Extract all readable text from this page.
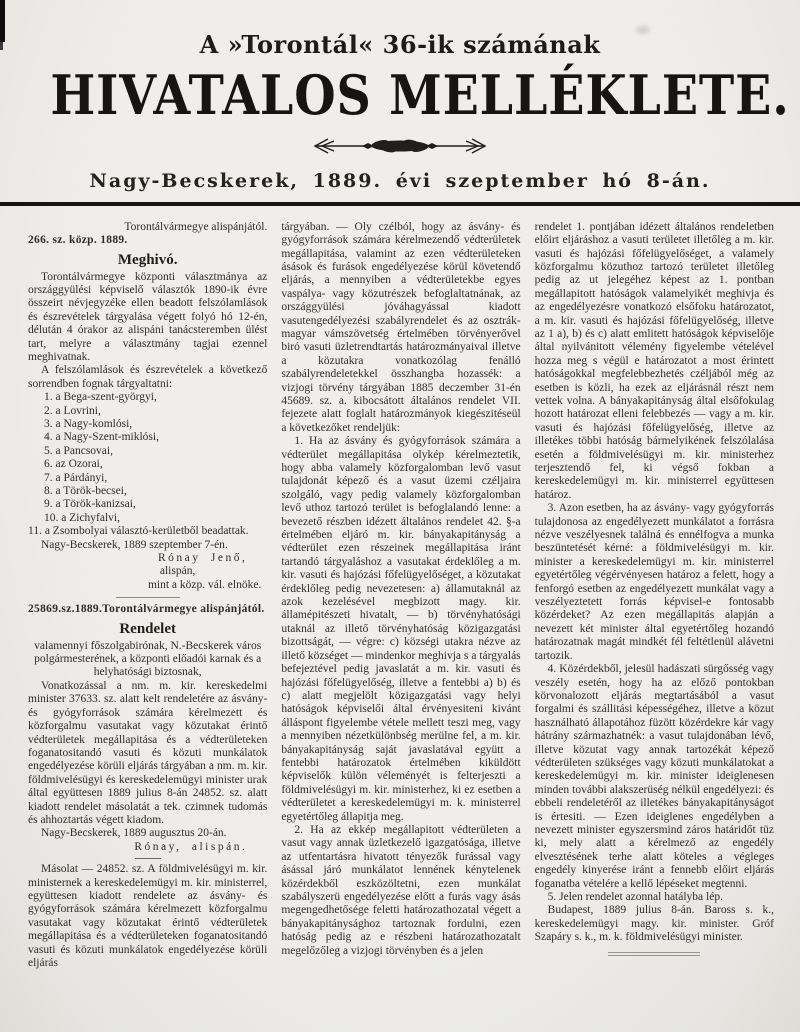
A »Torontál« 36-ik számának
HIVATALOS MELLÉKLETE.
Nagy-Becskerek, 1889. évi szeptember hó 8-án.
Torontálvármegye alispánjától.
266. sz. közp. 1889.
Meghivó.
Torontálvármegye központi választmánya az országgyülési képviselő választók 1890-ik évre összeirt névjegyzéke ellen beadott felszólamlások és észrevételek tárgyalása végett folyó hó 12-én, délután 4 órakor az alispáni tanácsteremben ülést tart, melyre a választmány tagjai ezennel meghivatnak.
A felszólamlások és észrevételek a következő sorrendben fognak tárgyaltatni:
1. a Bega-szent-györgyi,
2. a Lovrini,
3. a Nagy-komlósi,
4. a Nagy-Szent-miklósi,
5. a Pancsovai,
6. az Ozorai,
7. a Párdányi,
8. a Török-becsei,
9. a Török-kanizsai,
10. a Zichyfalvi,
11. a Zsombolyai választó-kerületből beadattak.
Nagy-Becskerek, 1889 szeptember 7-én.
Rónay Jenő,
alispán,
mint a közp. vál. elnöke.
25869.sz.1889.Torontálvármegye alispánjától.
Rendelet
valamennyi főszolgabirónak, N.-Becskerek város polgármesterének, a központi előadói karnak és a helyhatósági biztosnak,
Vonatkozással a nm. m. kir. kereskedelmi minister 37633. sz. alatt kelt rendeletére az ásvány- és gyógyforrások számára kérelmezett és közforgalmu vasutakat vagy közutakat érintő védterületek megállapitása és a védterületeken foganatositandó vasuti és közuti munkálatok engedélyezése körüli eljárás tárgyában a nm. m. kir. földmivelésügyi és kereskedelemügyi minister urak által együttesen 1889 julius 8-án 24852. sz. alatt kiadott rendelet másolatát a tek. czimnek tudomás és ahhoztartás végett kiadom.
Nagy-Becskerek, 1889 augusztus 20-án.
Rónay, alispán.
Másolat — 24852. sz. A földmivelésügyi m. kir. ministernek a kereskedelemügyi m. kir. ministerrel, együttesen kiadott rendelete az ásvány- és gyógyforrások számára kérelmezett közforgalmu vasutakat vagy közutakat érintő védterületek megállapitása és a védterületeken foganatositandó vasuti és közuti munkálatok engedélyezése körüli eljárás
tárgyában. — Oly czélból, hogy az ásvány- és gyógyforrások számára kérelmezendő védterületek megállapitása, valamint az ezen védterületeken ásások és furások engedélyezése körül követendő eljárás, a mennyiben a védterületekbe egyes vaspálya- vagy közutrészek befoglaltatnának, az országgyülési jóváhagyással kiadott vasutengedélyezési szabályrendelet és az osztrák-magyar vámszövetség értelmében törvényerővel biró vasuti üzletrendtartás határozmányaival illetve a közutakra vonatkozólag fenálló szabályrendeletekkel összhangba hozassék: a vizjogi törvény tárgyában 1885 deczember 31-én 45689. sz. a. kibocsátott általános rendelet VII. fejezete alatt foglalt határozmányok kiegészitéseül a következőket rendeljük:
1. Ha az ásvány és gyógyforrások számára a védterület megállapitása olykép kérelmeztetik, hogy abba valamely közforgalomban levő vasut tulajdonát képező és a vasut üzemi czéljaira szolgáló, vagy pedig valamely közforgalomban levő uthoz tartozó terület is befoglalandó lenne: a bevezető részben idézett általános rendelet 42. §-a értelmében eljáró m. kir. bányakapitányság a védterület ezen részeinek megállapitása iránt tartandó tárgyaláshoz a vasutakat érdeklőleg a m. kir. vasuti és hajózási főfelügyelőséget, a közutakat érdeklőleg pedig nevezetesen: a) államutaknál az azok kezelésével megbizott magy. kir. államépitészeti hivatalt, — b) törvényhatósági utaknál az illető törvényhatóság közigazgatási bizottságát, — végre: c) községi utakra nézve az illető községet — mindenkor meghivja s a tárgyalás befejeztével pedig javaslatát a m. kir. vasuti és hajózási főfelügyelőség, illetve a fentebbi a) b) és c) alatt megjelölt közigazgatási vagy helyi hatóságok képviselői által érvényesiteni kivánt álláspont figyelembe vétele mellett teszi meg, vagy a mennyiben nézetkülönbség merülne fel, a m. kir. bányakapitányság saját javaslatával együtt a fentebbi határozatok értelmében kiküldött képviselők külön véleményét is felterjeszti a földmivelésügyi m. kir. ministerhez, ki ez esetben a védterületet a kereskedelemügyi m. k. ministerrel egyetértőleg állapitja meg.
2. Ha az ekkép megállapitott védterületen a vasut vagy annak üzletkezelő igazgatósága, illetve az utfentartásra hivatott tényezők furással vagy ásással járó munkálatot lennének kénytelenek közérdekből eszközöltetni, ezen munkálat szabályszerü engedélyezése előtt a furás vagy ásás megengedhetősége feletti határozathozatal végett a bányakapitánysághoz tartoznak fordulni, ezen hatóság pedig az e részbeni határozathozatalt megelőzőleg a vizjogi törvényben és a jelen
rendelet 1. pontjában idézett általános rendeletben előirt eljáráshoz a vasuti területet illetőleg a m. kir. vasuti és hajózási főfelügyelőséget, a valamely közforgalmu közuthoz tartozó területet illetőleg pedig az ut jelegéhez képest az 1. pontban megállapitott hatóságok valamelyikét meghivja és az engedélyezésre vonatkozó elsőfoku határozatot, a m. kir. vasuti és hajózási főfelügyelőség, illetve az 1 a), b) és c) alatt emlitett hatóságok képviselője által nyilvánitott vélemény figyelembe vételével hozza meg s végül e határozatot a most érintett hatóságokkal megfelebbezhetés czéljából még az esetben is közli, ha ezek az eljárásnál részt nem vettek volna. A bányakapitányság által elsőfokulag hozott határozat elleni felebbezés — vagy a m. kir. vasuti és hajózási főfelügyelőség, illetve az illetékes többi hatóság bármelyikének felszólalása esetén a földmivelésügyi m. kir. ministerhez terjesztendő fel, ki végső fokban a kereskedelemügyi m. kir. ministerrel együttesen határoz.
3. Azon esetben, ha az ásvány- vagy gyógyforrás tulajdonosa az engedélyezett munkálatot a forrásra nézve veszélyesnek találná és ennélfogva a munka beszüntetését kérné: a földmivelésügyi m. kir. minister a kereskedelemügyi m. kir. ministerrel egyetértőleg végérvényesen határoz a felett, hogy a fenforgó esetben az engedélyezett munkálat vagy a veszélyeztetett forrás képvisel-e fontosabb közérdeket? Az ezen megállapitás alapján a nevezett két minister által egyetértőleg hozandó határozatnak magát mindkét fél feltétlenül alávetni tartozik.
4. Közérdekből, jelesül hadászati sürgősség vagy veszély esetén, hogy ha az előző pontokban körvonalozott eljárás megtartásából a vasut forgalmi és szállitási képességéhez, illetve a közut használható állapotához füzött közérdekre kár vagy hátrány származhatnék: a vasut tulajdonában lévő, illetve közutat vagy annak tartozékát képező védterületen szükséges vagy közuti munkálatokat a kereskedelemügyi m. kir. minister ideiglenesen minden további alakszerüség nélkül engedélyezi: és ebbeli rendeletéről az illetékes bányakapitányságot is értesiti. — Ezen ideiglenes engedélyben a nevezett minister egyszersmind záros határidőt tüz ki, mely alatt a kérelmező az engedély elvesztésének terhe alatt köteles a végleges engedély kinyerése iránt a fennebb előirt eljárás foganatba vételére a kellő lépéseket megtenni.
5. Jelen rendelet azonnal hatályba lép.
Budapest, 1889 julius 8-án. Baross s. k., kereskedelemügyi magy. kir. minister. Gróf Szapáry s. k., m. k. földmivelésügyi minister.
